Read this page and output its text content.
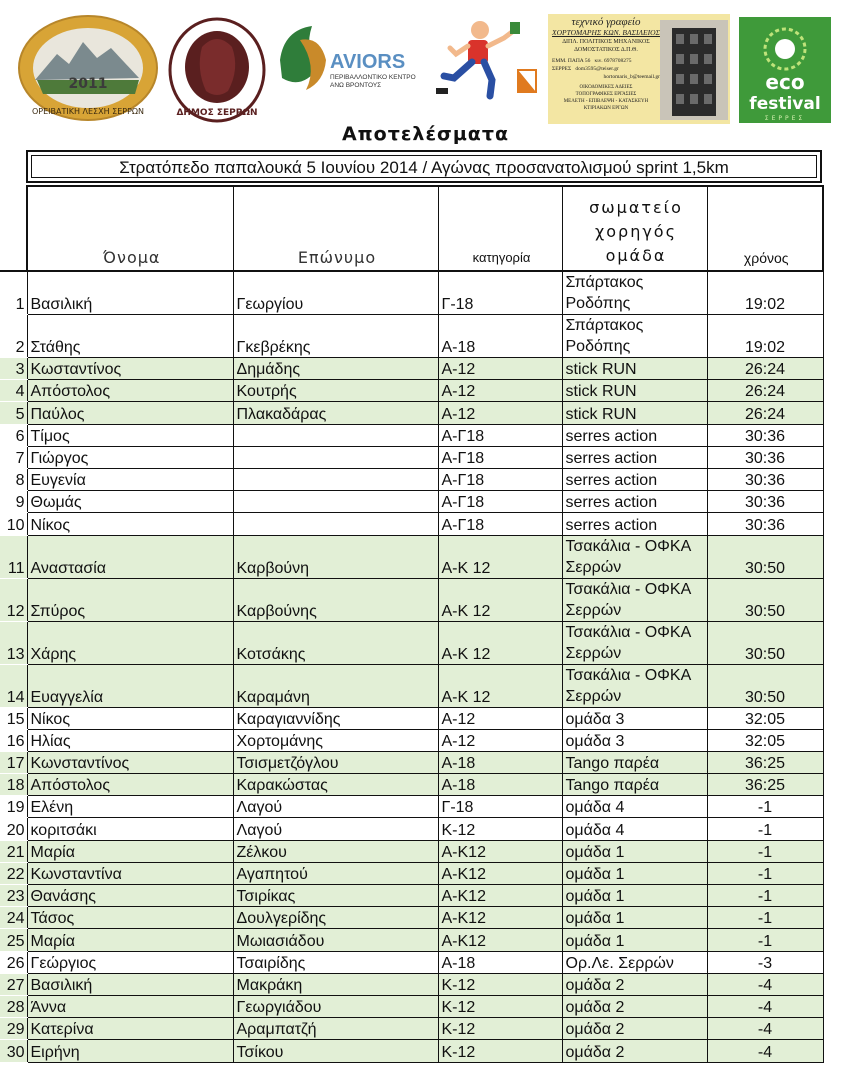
2011
ΟΡΕΙΒΑΤΙΚΗ ΛΕΣΧΗ ΣΕΡΡΩΝ	ΔΗΜΟΣ ΣΕΡΡΩΝ
AVIORS
ΠΕΡΙΒΑΛΛΟΝΤΙΚΟ ΚΕΝΤΡΟ
ΑΝΩ ΒΡΟΝΤΟΥΣ
τεχνικό γραφείο
ΧΟΡΤΟΜΑΡΗΣ ΚΩΝ. ΒΑΣΙΛΕΙΟΣ
ΔΙΠΛ. ΠΟΛΙΤΙΚΟΣ ΜΗΧΑΝΙΚΟΣ
ΔΟΜΟΣΤΑΤΙΚΟΣ Δ.Π.Θ.
ΕΜΜ. ΠΑΠΑ 56 κιν. 6978708275
ΣΕΡΡΕΣ dom3595@teiser.gr
hortomaris_b@teemail.gr
ΟΙΚΟΔΟΜΙΚΕΣ ΑΔΕΙΕΣ
ΤΟΠΟΓΡΑΦΙΚΕΣ ΕΡΓΑΣΙΕΣ
ΜΕΛΕΤΗ - ΕΠΙΒΛΕΨΗ - ΚΑΤΑΣΚΕΥΗ
ΚΤΙΡΙΑΚΩΝ ΕΡΓΩΝ
eco
festival
ΣΕΡΡΕΣ
Αποτελέσματα
Στρατόπεδο παπαλουκά 5 Ιουνίου 2014 / Αγώνας προσανατολισμού sprint 1,5km
	Όνομα	Επώνυμο	κατηγορία	σωματείο
χορηγός
ομάδα	χρόνος
1	Βασιλική	Γεωργίου	Γ-18	Σπάρτακος Ροδόπης	19:02
2	Στάθης	Γκεβρέκης	Α-18	Σπάρτακος Ροδόπης	19:02
3	Κωσταντίνος	Δημάδης	Α-12	stick RUN	26:24
4	Απόστολος	Κουτρής	Α-12	stick RUN	26:24
5	Παύλος	Πλακαδάρας	Α-12	stick RUN	26:24
6	Τίμος		Α-Γ18	serres action	30:36
7	Γιώργος		Α-Γ18	serres action	30:36
8	Ευγενία		Α-Γ18	serres action	30:36
9	Θωμάς		Α-Γ18	serres action	30:36
10	Νίκος		Α-Γ18	serres action	30:36
11	Αναστασία	Καρβούνη	Α-Κ 12	Τσακάλια - ΟΦΚΑ Σερρών	30:50
12	Σπύρος	Καρβούνης	Α-Κ 12	Τσακάλια - ΟΦΚΑ Σερρών	30:50
13	Χάρης	Κοτσάκης	Α-Κ 12	Τσακάλια - ΟΦΚΑ Σερρών	30:50
14	Ευαγγελία	Καραμάνη	Α-Κ 12	Τσακάλια - ΟΦΚΑ Σερρών	30:50
15	Νίκος	Καραγιαννίδης	Α-12	ομάδα 3	32:05
16	Ηλίας	Χορτομάνης	Α-12	ομάδα 3	32:05
17	Κωνσταντίνος	Τσισμετζόγλου	Α-18	Tango παρέα	36:25
18	Απόστολος	Καρακώστας	Α-18	Tango παρέα	36:25
19	Ελένη	Λαγού	Γ-18	ομάδα 4	-1
20	κοριτσάκι	Λαγού	Κ-12	ομάδα 4	-1
21	Μαρία	Ζέλκου	Α-Κ12	ομάδα 1	-1
22	Κωνσταντίνα	Αγαπητού	Α-Κ12	ομάδα 1	-1
23	Θανάσης	Τσιρίκας	Α-Κ12	ομάδα 1	-1
24	Τάσος	Δουλγερίδης	Α-Κ12	ομάδα 1	-1
25	Μαρία	Μωιασιάδου	Α-Κ12	ομάδα 1	-1
26	Γεώργιος	Τσαιρίδης	Α-18	Ορ.Λε. Σερρών	-3
27	Βασιλική	Μακράκη	Κ-12	ομάδα 2	-4
28	Άννα	Γεωργιάδου	Κ-12	ομάδα 2	-4
29	Κατερίνα	Αραμπατζή	Κ-12	ομάδα 2	-4
30	Ειρήνη	Τσίκου	Κ-12	ομάδα 2	-4
